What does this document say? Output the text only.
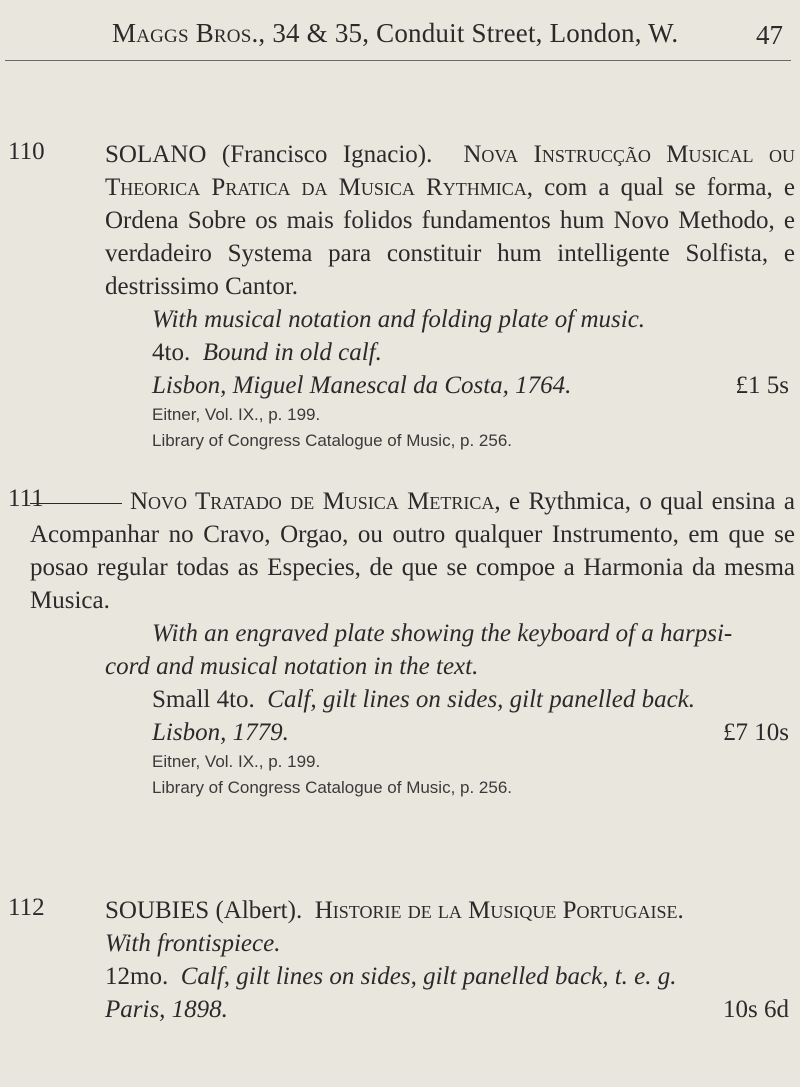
Maggs Bros., 34 & 35, Conduit Street, London, W.	47
110 SOLANO (Francisco Ignacio). Nova Instrucção Musical ou Theorica Pratica da Musica Rythmica, com a qual se forma, e Ordena Sobre os mais folidos fundamentos hum Novo Methodo, e verdadeiro Systema para constituir hum intelligente Solfista, e destrissimo Cantor.

With musical notation and folding plate of music.

4to. Bound in old calf.

Lisbon, Miguel Manescal da Costa, 1764.	£1 5s

Eitner, Vol. IX., p. 199.

Library of Congress Catalogue of Music, p. 256.

111	Novo Tratado de Musica Metrica, e Rythmica, o qual ensina a Acompanhar no Cravo, Orgao, ou outro qualquer Instrumento, em que se posao regular todas as Especies, de que se compoe a Harmonia da mesma Musica.

With an engraved plate showing the keyboard of a harpsi-

cord and musical notation in the text.

Small 4to. Calf, gilt lines on sides, gilt panelled back.

Lisbon, 1779.	£7 10s

Eitner, Vol. IX., p. 199.

Library of Congress Catalogue of Music, p. 256.

112 SOUBIES (Albert). Historie de la Musique Portugaise.

With frontispiece.

12mo. Calf, gilt lines on sides, gilt panelled back, t. e. g.

Paris, 1898.	10s 6d
